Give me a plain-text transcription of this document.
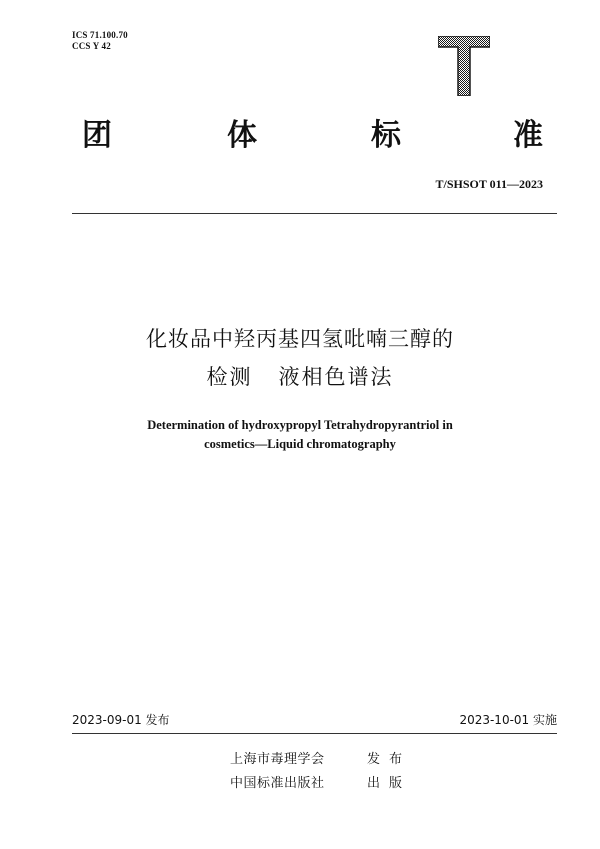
ICS 71.100.70
CCS Y 42
团	体	标	准
T/SHSOT 011—2023
化妆品中羟丙基四氢吡喃三醇的
检测   液相色谱法
Determination of hydroxypropyl Tetrahydropyrantriol in
cosmetics—Liquid chromatography
2023-09-01 发布	2023-10-01 实施
上海市毒理学会	发布
中国标准出版社	出版
